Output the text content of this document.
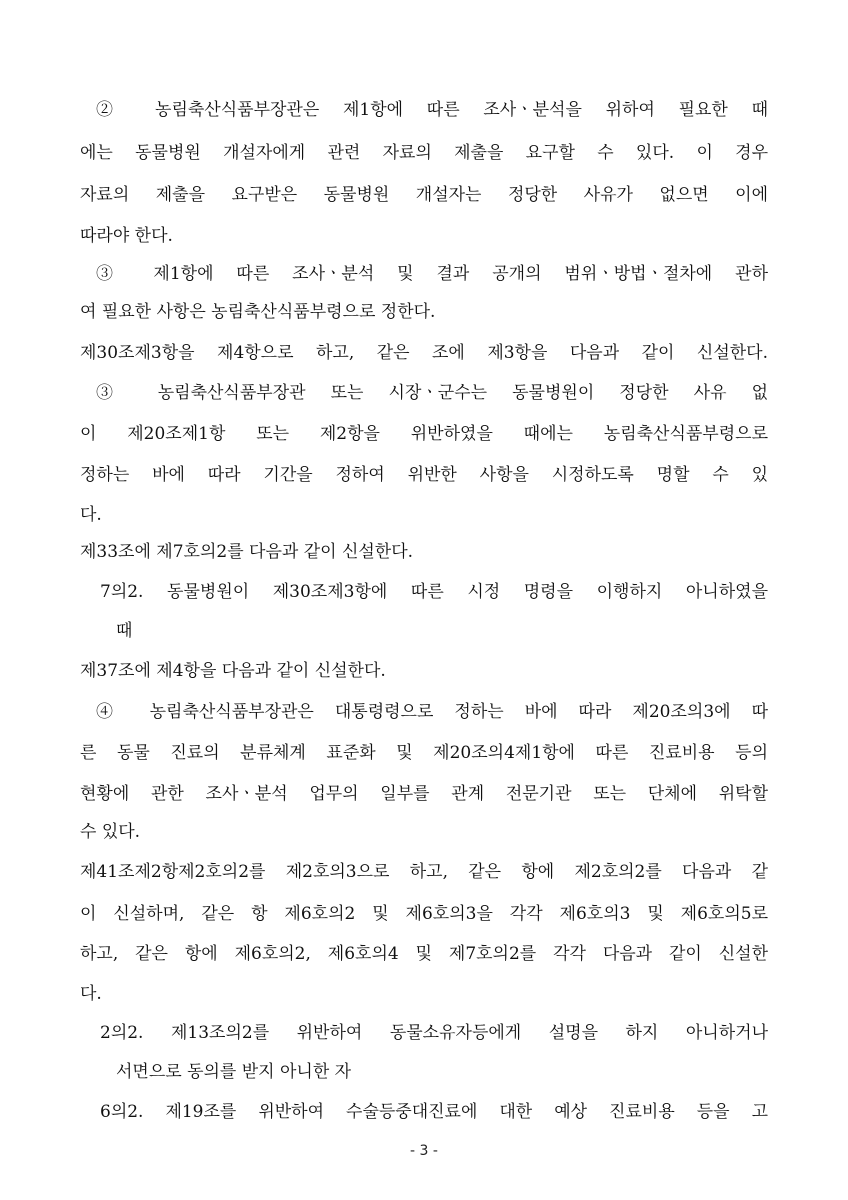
② 농림축산식품부장관은 제1항에 따른 조사ㆍ분석을 위하여 필요한 때
에는 동물병원 개설자에게 관련 자료의 제출을 요구할 수 있다. 이 경우
자료의 제출을 요구받은 동물병원 개설자는 정당한 사유가 없으면 이에
따라야 한다.
③ 제1항에 따른 조사ㆍ분석 및 결과 공개의 범위ㆍ방법ㆍ절차에 관하
여 필요한 사항은 농림축산식품부령으로 정한다.
제30조제3항을 제4항으로 하고, 같은 조에 제3항을 다음과 같이 신설한다.
③ 농림축산식품부장관 또는 시장ㆍ군수는 동물병원이 정당한 사유 없
이 제20조제1항 또는 제2항을 위반하였을 때에는 농림축산식품부령으로
정하는 바에 따라 기간을 정하여 위반한 사항을 시정하도록 명할 수 있
다.
제33조에 제7호의2를 다음과 같이 신설한다.
7의2. 동물병원이 제30조제3항에 따른 시정 명령을 이행하지 아니하였을
때
제37조에 제4항을 다음과 같이 신설한다.
④ 농림축산식품부장관은 대통령령으로 정하는 바에 따라 제20조의3에 따
른 동물 진료의 분류체계 표준화 및 제20조의4제1항에 따른 진료비용 등의
현황에 관한 조사ㆍ분석 업무의 일부를 관계 전문기관 또는 단체에 위탁할
수 있다.
제41조제2항제2호의2를 제2호의3으로 하고, 같은 항에 제2호의2를 다음과 같
이 신설하며, 같은 항 제6호의2 및 제6호의3을 각각 제6호의3 및 제6호의5로
하고, 같은 항에 제6호의2, 제6호의4 및 제7호의2를 각각 다음과 같이 신설한
다.
2의2. 제13조의2를 위반하여 동물소유자등에게 설명을 하지 아니하거나
서면으로 동의를 받지 아니한 자
6의2. 제19조를 위반하여 수술등중대진료에 대한 예상 진료비용 등을 고
- 3 -
